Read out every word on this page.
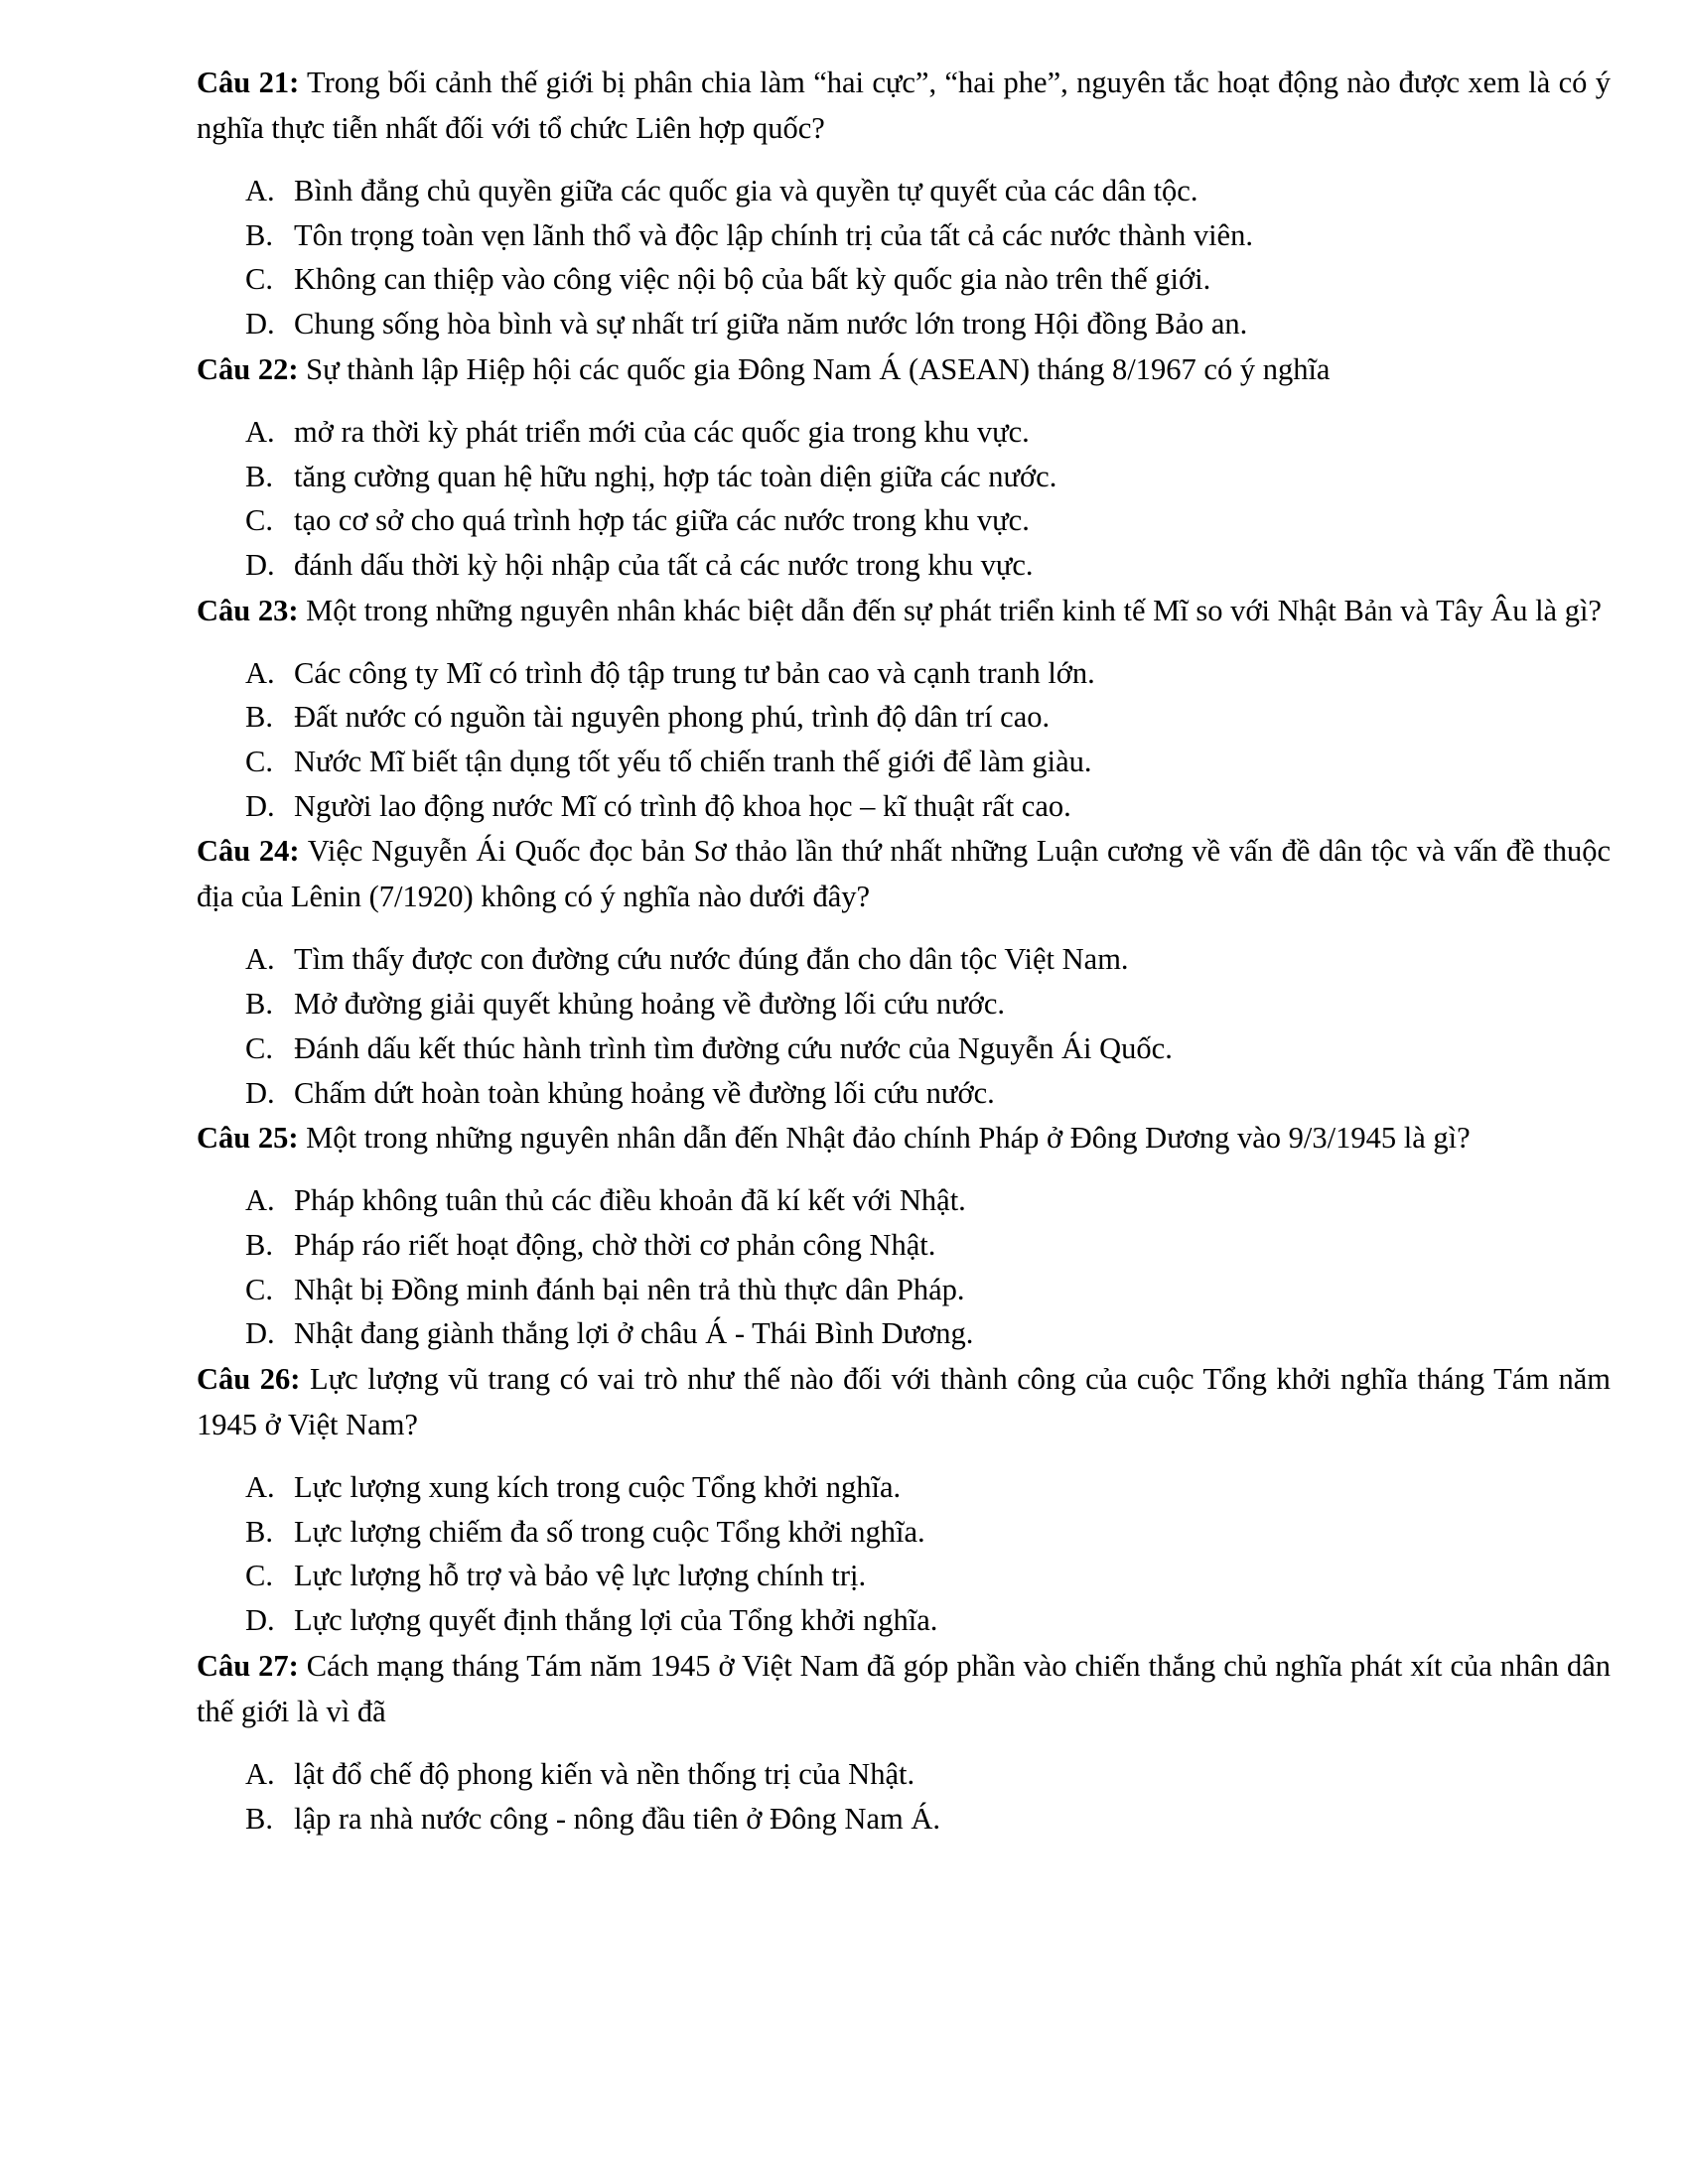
Câu 21: Trong bối cảnh thế giới bị phân chia làm “hai cực”, “hai phe”, nguyên tắc hoạt động nào được xem là có ý nghĩa thực tiễn nhất đối với tổ chức Liên hợp quốc?
A. Bình đẳng chủ quyền giữa các quốc gia và quyền tự quyết của các dân tộc.
B. Tôn trọng toàn vẹn lãnh thổ và độc lập chính trị của tất cả các nước thành viên.
C. Không can thiệp vào công việc nội bộ của bất kỳ quốc gia nào trên thế giới.
D. Chung sống hòa bình và sự nhất trí giữa năm nước lớn trong Hội đồng Bảo an.
Câu 22: Sự thành lập Hiệp hội các quốc gia Đông Nam Á (ASEAN) tháng 8/1967 có ý nghĩa
A. mở ra thời kỳ phát triển mới của các quốc gia trong khu vực.
B. tăng cường quan hệ hữu nghị, hợp tác toàn diện giữa các nước.
C. tạo cơ sở cho quá trình hợp tác giữa các nước trong khu vực.
D. đánh dấu thời kỳ hội nhập của tất cả các nước trong khu vực.
Câu 23: Một trong những nguyên nhân khác biệt dẫn đến sự phát triển kinh tế Mĩ so với Nhật Bản và Tây Âu là gì?
A. Các công ty Mĩ có trình độ tập trung tư bản cao và cạnh tranh lớn.
B. Đất nước có nguồn tài nguyên phong phú, trình độ dân trí cao.
C. Nước Mĩ biết tận dụng tốt yếu tố chiến tranh thế giới để làm giàu.
D. Người lao động nước Mĩ có trình độ khoa học – kĩ thuật rất cao.
Câu 24: Việc Nguyễn Ái Quốc đọc bản Sơ thảo lần thứ nhất những Luận cương về vấn đề dân tộc và vấn đề thuộc địa của Lênin (7/1920) không có ý nghĩa nào dưới đây?
A. Tìm thấy được con đường cứu nước đúng đắn cho dân tộc Việt Nam.
B. Mở đường giải quyết khủng hoảng về đường lối cứu nước.
C. Đánh dấu kết thúc hành trình tìm đường cứu nước của Nguyễn Ái Quốc.
D. Chấm dứt hoàn toàn khủng hoảng về đường lối cứu nước.
Câu 25: Một trong những nguyên nhân dẫn đến Nhật đảo chính Pháp ở Đông Dương vào 9/3/1945 là gì?
A. Pháp không tuân thủ các điều khoản đã kí kết với Nhật.
B. Pháp ráo riết hoạt động, chờ thời cơ phản công Nhật.
C. Nhật bị Đồng minh đánh bại nên trả thù thực dân Pháp.
D. Nhật đang giành thắng lợi ở châu Á - Thái Bình Dương.
Câu 26: Lực lượng vũ trang có vai trò như thế nào đối với thành công của cuộc Tổng khởi nghĩa tháng Tám năm 1945 ở Việt Nam?
A. Lực lượng xung kích trong cuộc Tổng khởi nghĩa.
B. Lực lượng chiếm đa số trong cuộc Tổng khởi nghĩa.
C. Lực lượng hỗ trợ và bảo vệ lực lượng chính trị.
D. Lực lượng quyết định thắng lợi của Tổng khởi nghĩa.
Câu 27: Cách mạng tháng Tám năm 1945 ở Việt Nam đã góp phần vào chiến thắng chủ nghĩa phát xít của nhân dân thế giới là vì đã
A. lật đổ chế độ phong kiến và nền thống trị của Nhật.
B. lập ra nhà nước công - nông đầu tiên ở Đông Nam Á.
